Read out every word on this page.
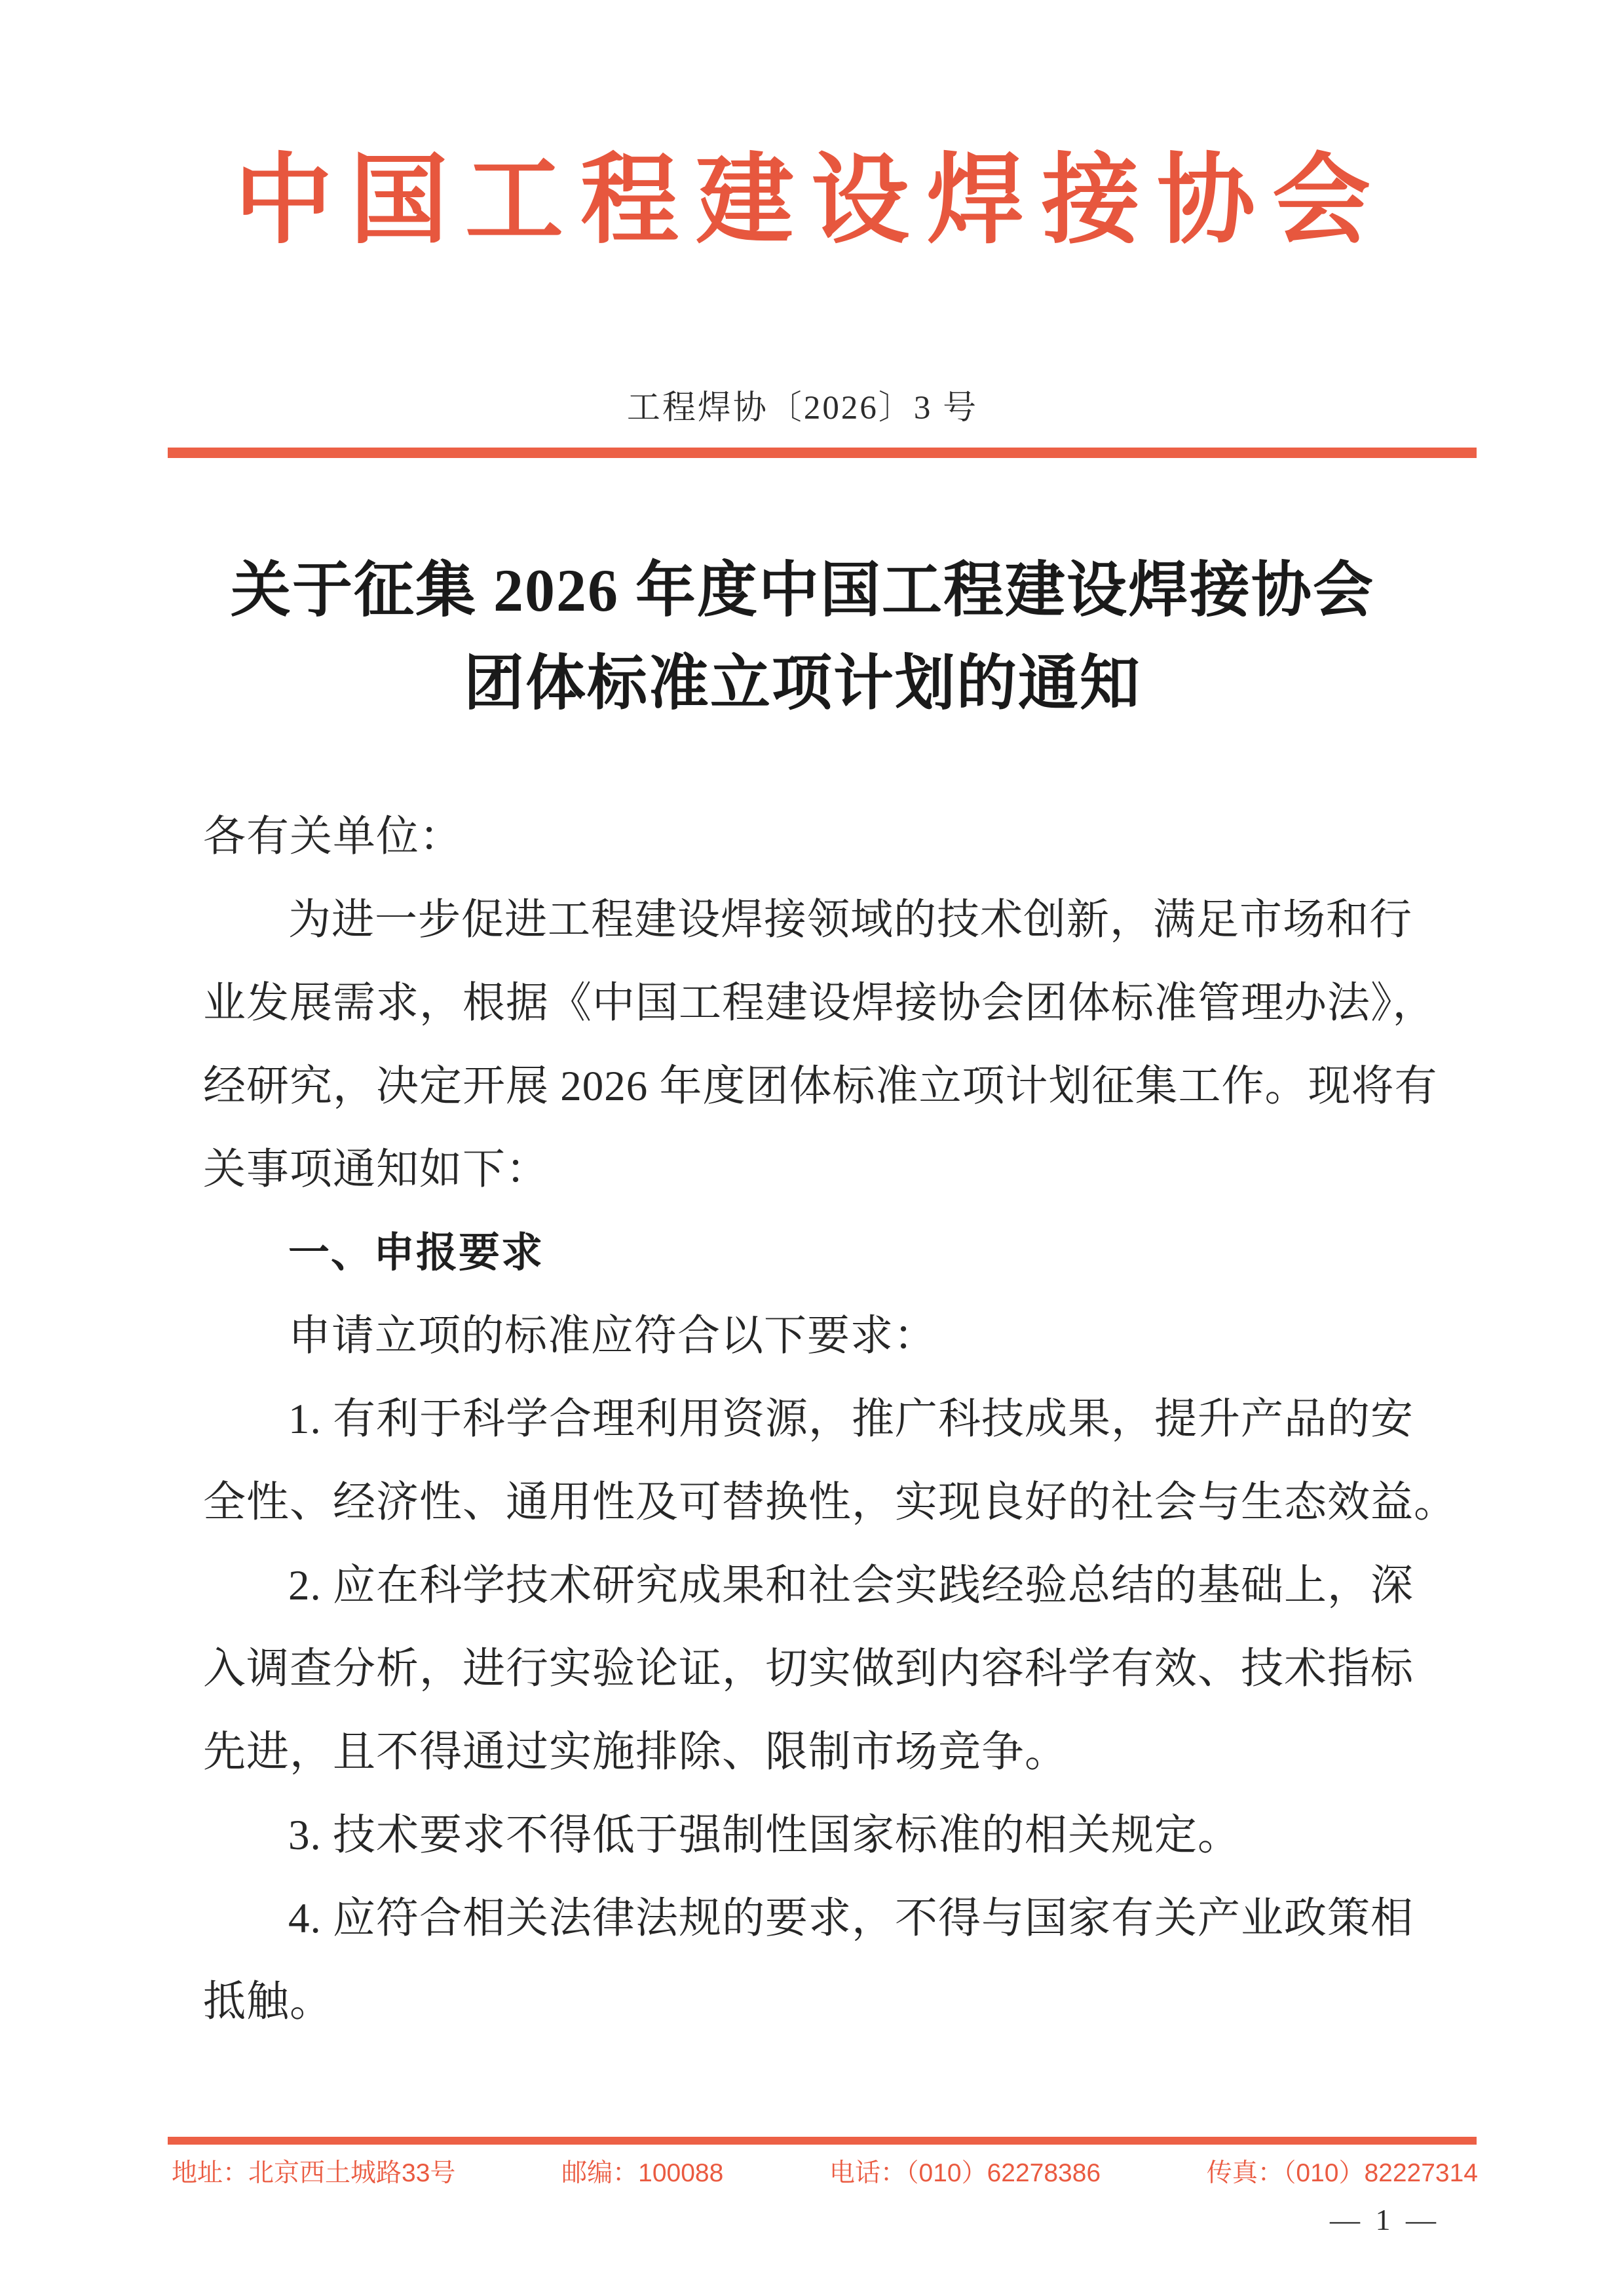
中国工程建设焊接协会
工程焊协〔2026〕3 号
关于征集 2026 年度中国工程建设焊接协会
团体标准立项计划的通知
各有关单位：
为进一步促进工程建设焊接领域的技术创新，满足市场和行
业发展需求，根据《中国工程建设焊接协会团体标准管理办法》，
经研究，决定开展 2026 年度团体标准立项计划征集工作。现将有
关事项通知如下：
一、申报要求
申请立项的标准应符合以下要求：
1. 有利于科学合理利用资源，推广科技成果，提升产品的安
全性、经济性、通用性及可替换性，实现良好的社会与生态效益。
2. 应在科学技术研究成果和社会实践经验总结的基础上，深
入调查分析，进行实验论证，切实做到内容科学有效、技术指标
先进，且不得通过实施排除、限制市场竞争。
3. 技术要求不得低于强制性国家标准的相关规定。
4. 应符合相关法律法规的要求，不得与国家有关产业政策相
抵触。
地址：北京西土城路33号	邮编：100088	电话：（010）62278386	传真：（010）82227314
— 1 —
